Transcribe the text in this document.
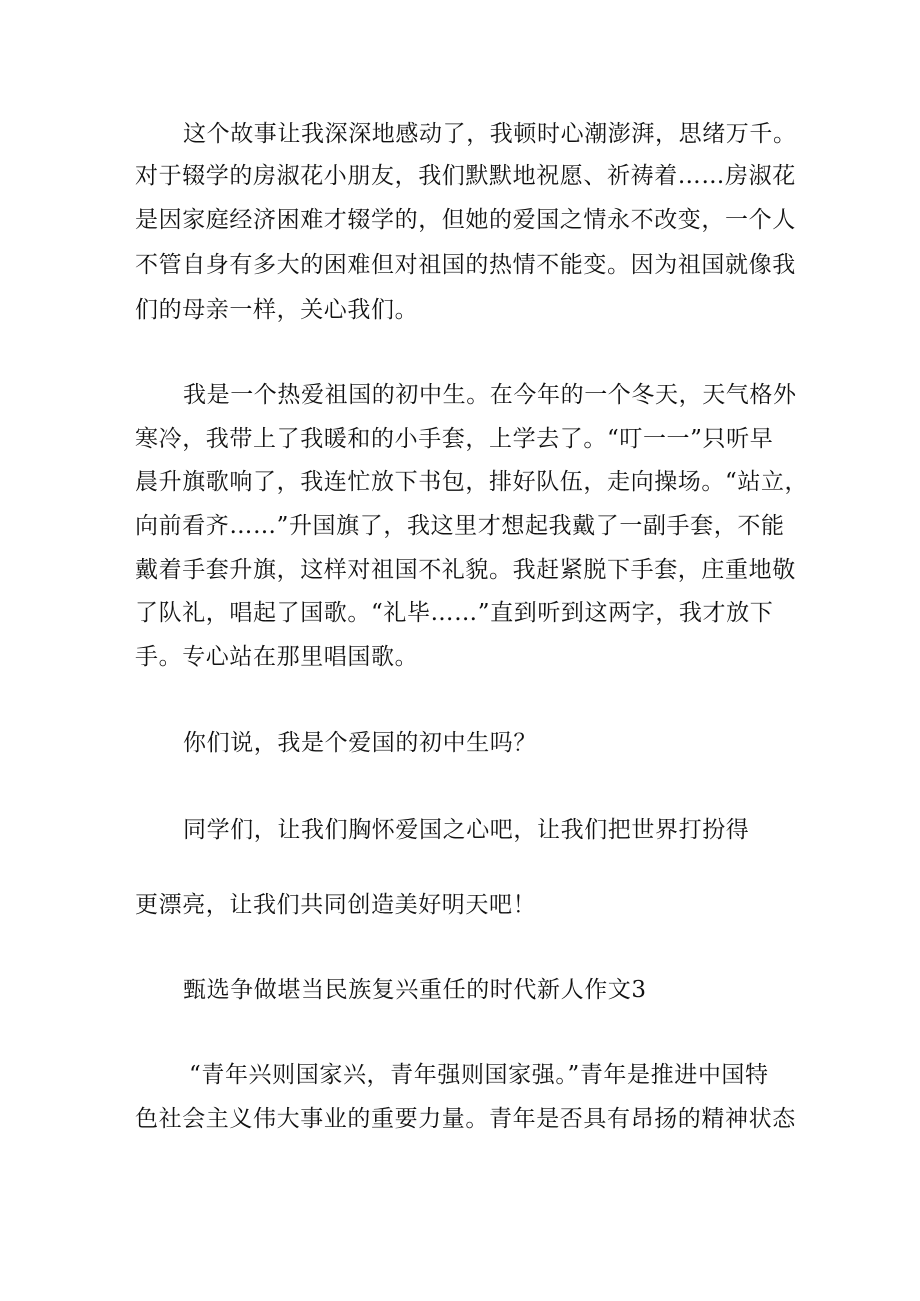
这个故事让我深深地感动了，我顿时心潮澎湃，思绪万千。
对于辍学的房淑花小朋友，我们默默地祝愿、祈祷着……房淑花
是因家庭经济困难才辍学的，但她的爱国之情永不改变，一个人
不管自身有多大的困难但对祖国的热情不能变。因为祖国就像我
们的母亲一样，关心我们。
我是一个热爱祖国的初中生。在今年的一个冬天，天气格外
寒冷，我带上了我暖和的小手套，上学去了。“叮一一”只听早
晨升旗歌响了，我连忙放下书包，排好队伍，走向操场。“站立，
向前看齐……”升国旗了，我这里才想起我戴了一副手套，不能
戴着手套升旗，这样对祖国不礼貌。我赶紧脱下手套，庄重地敬
了队礼，唱起了国歌。“礼毕……”直到听到这两字，我才放下
手。专心站在那里唱国歌。
你们说，我是个爱国的初中生吗？
同学们，让我们胸怀爱国之心吧，让我们把世界打扮得
更漂亮，让我们共同创造美好明天吧！
甄选争做堪当民族复兴重任的时代新人作文3
“青年兴则国家兴，青年强则国家强。”青年是推进中国特
色社会主义伟大事业的重要力量。青年是否具有昂扬的精神状态
